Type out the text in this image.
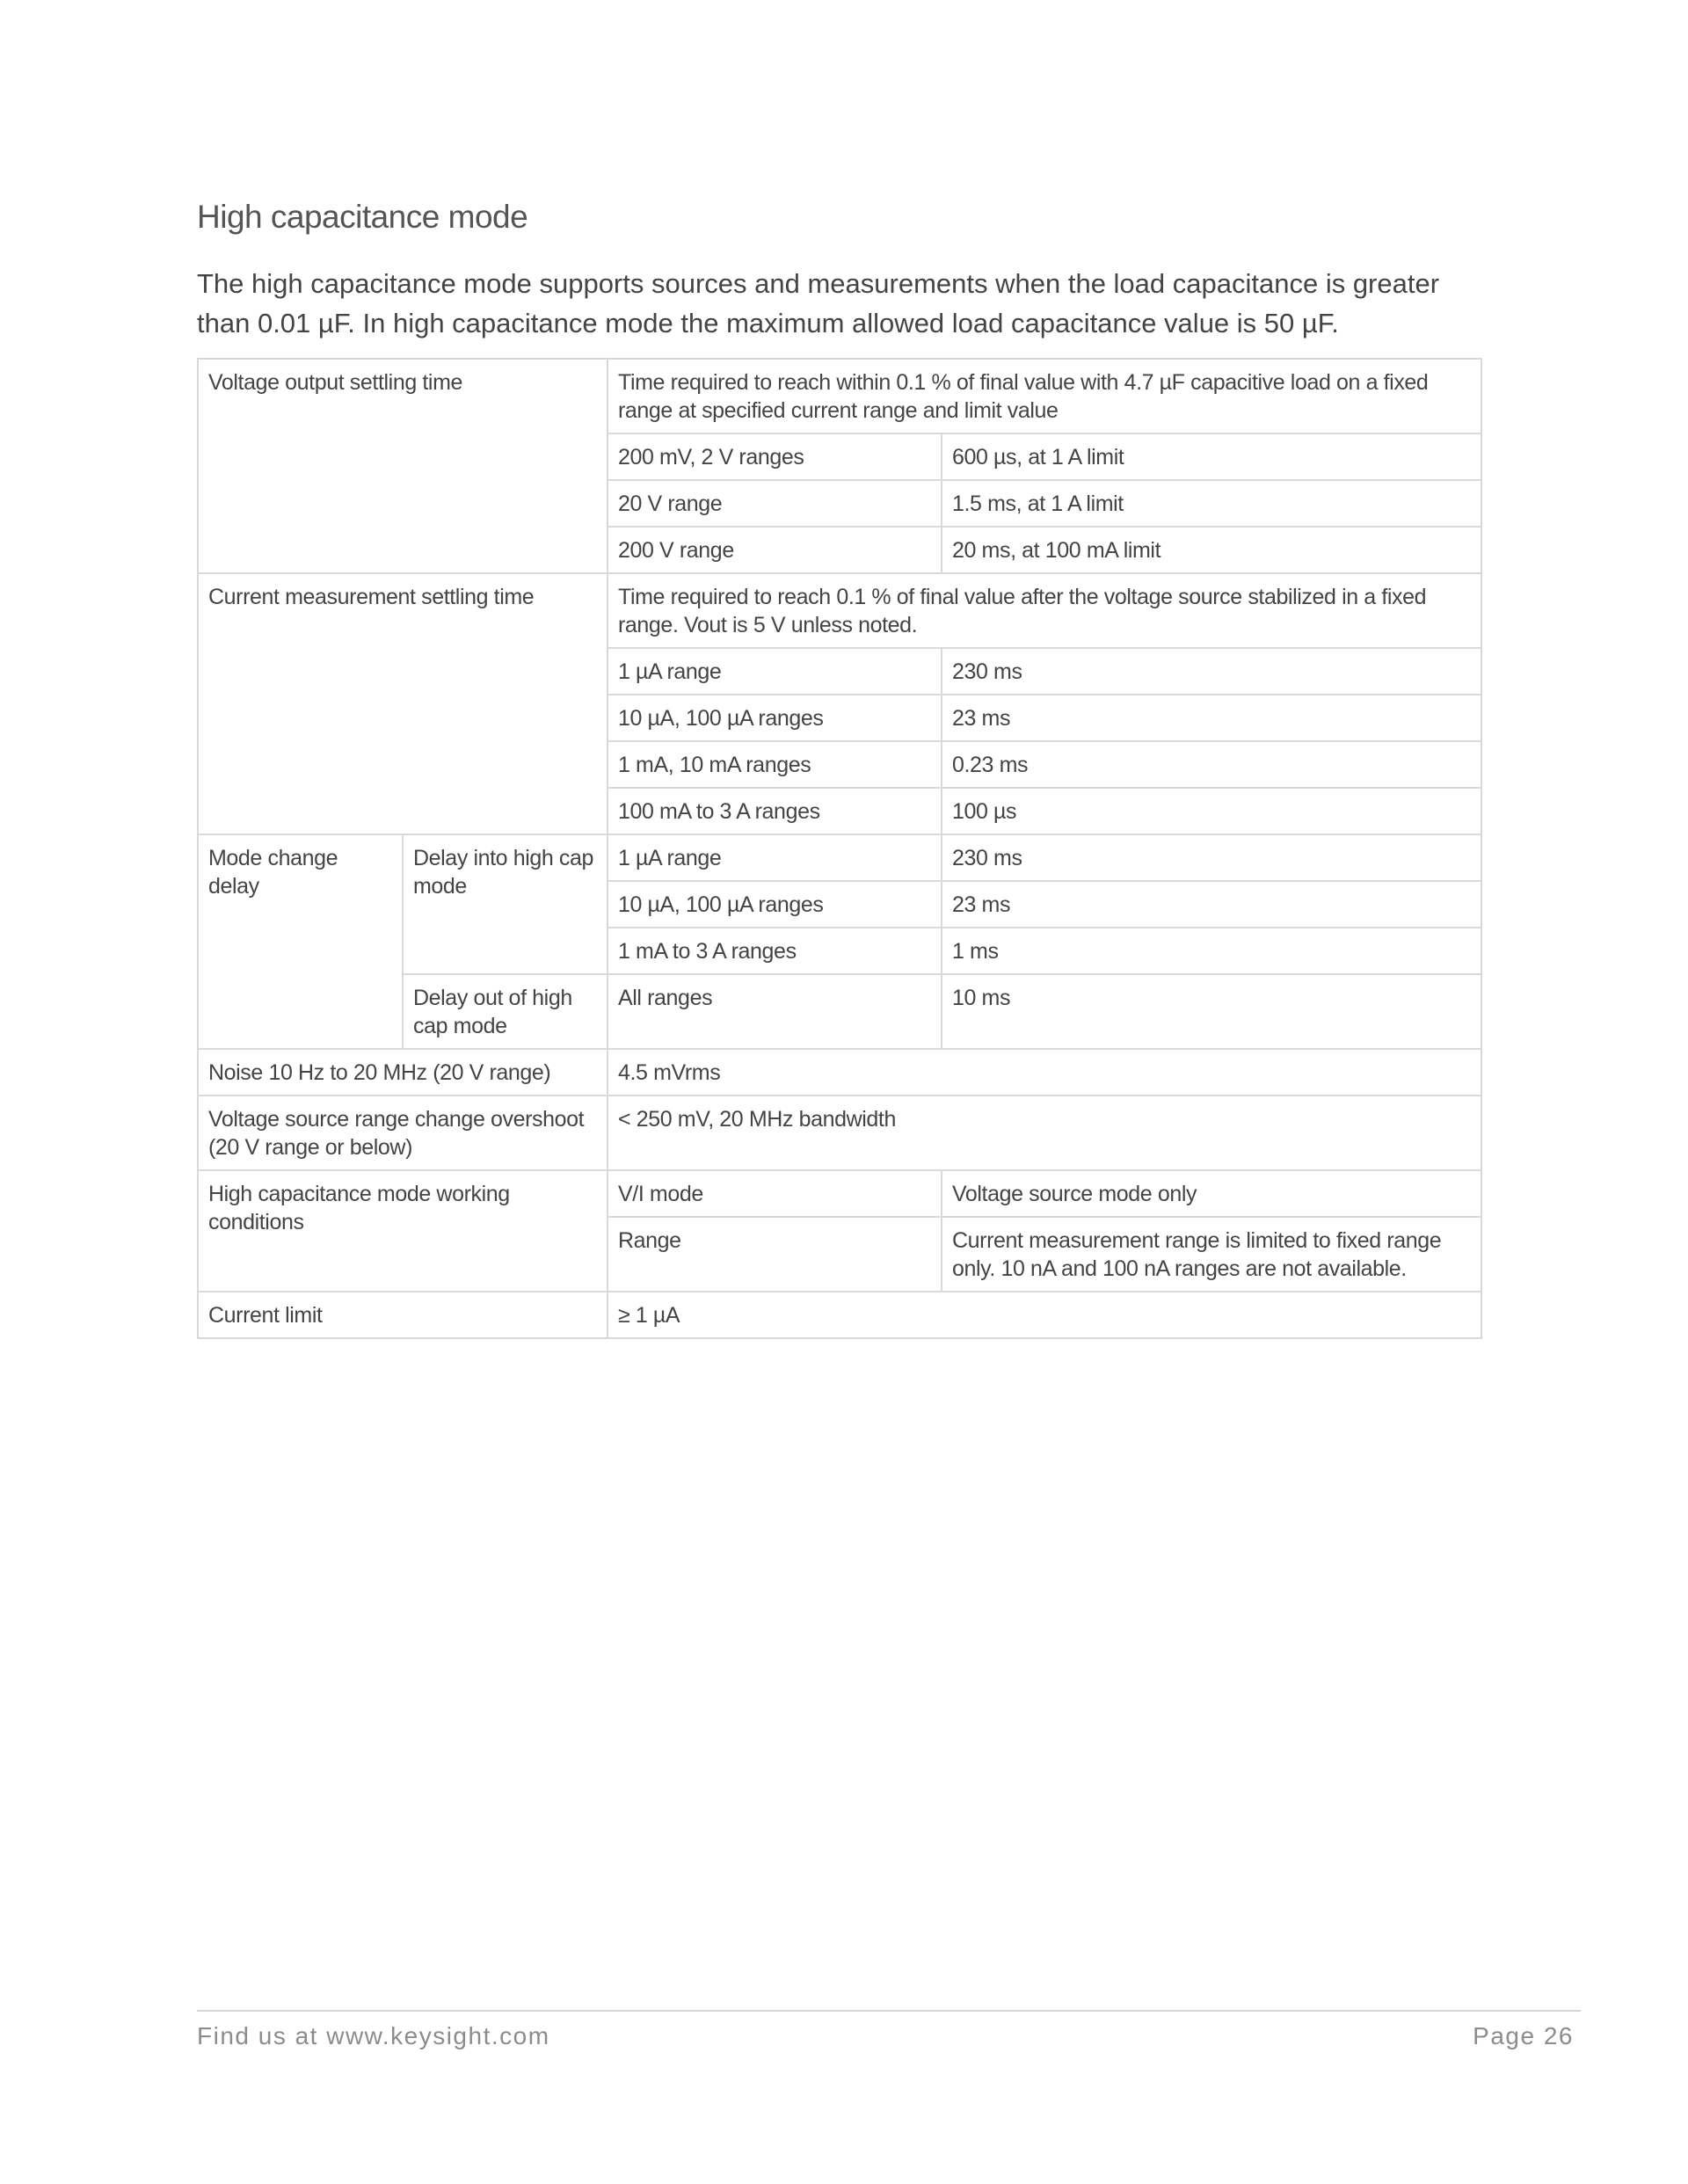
High capacitance mode

The high capacitance mode supports sources and measurements when the load capacitance is greater than 0.01 µF. In high capacitance mode the maximum allowed load capacitance value is 50 µF.

Voltage output settling time		Time required to reach within 0.1 % of final value with 4.7 µF capacitive load on a fixed range at specified current range and limit value	
		200 mV, 2 V ranges	600 µs, at 1 A limit
		20 V range	1.5 ms, at 1 A limit
		200 V range	20 ms, at 100 mA limit
Current measurement settling time		Time required to reach 0.1 % of final value after the voltage source stabilized in a fixed range. Vout is 5 V unless noted.	
		1 µA range	230 ms
		10 µA, 100 µA ranges	23 ms
		1 mA, 10 mA ranges	0.23 ms
		100 mA to 3 A ranges	100 µs
Mode change delay	Delay into high cap mode	1 µA range	230 ms
		10 µA, 100 µA ranges	23 ms
		1 mA to 3 A ranges	1 ms
	Delay out of high cap mode	All ranges	10 ms
Noise 10 Hz to 20 MHz (20 V range)		4.5 mVrms	
Voltage source range change overshoot (20 V range or below)		< 250 mV, 20 MHz bandwidth	
High capacitance mode working conditions		V/I mode	Voltage source mode only
		Range	Current measurement range is limited to fixed range only. 10 nA and 100 nA ranges are not available.
Current limit		≥ 1 µA	
Find us at www.keysight.com	Page 26
